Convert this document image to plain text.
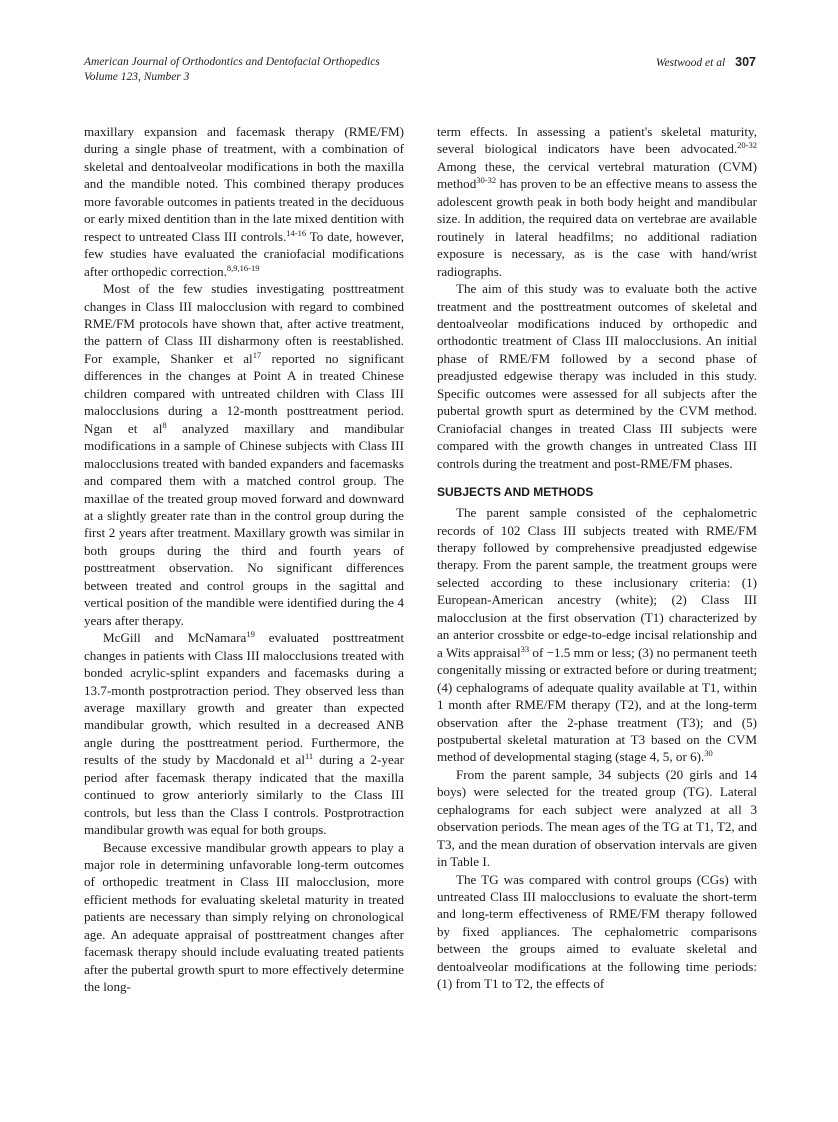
American Journal of Orthodontics and Dentofacial Orthopedics
Volume 123, Number 3
Westwood et al 307

maxillary expansion and facemask therapy (RME/FM) during a single phase of treatment, with a combination of skeletal and dentoalveolar modifications in both the maxilla and the mandible noted. This combined therapy produces more favorable outcomes in patients treated in the deciduous or early mixed dentition than in the late mixed dentition with respect to untreated Class III controls.$^{14-16}$ To date, however, few studies have evaluated the craniofacial modifications after orthopedic correction.$^{8,9,16-19}$

Most of the few studies investigating posttreatment changes in Class III malocclusion with regard to combined RME/FM protocols have shown that, after active treatment, the pattern of Class III disharmony often is reestablished. For example, Shanker et $al^{17}$ reported no significant differences in the changes at Point A in treated Chinese children compared with untreated children with Class III malocclusions during a 12-month posttreatment period. Ngan et $al^8$ analyzed maxillary and mandibular modifications in a sample of Chinese subjects with Class III malocclusions treated with banded expanders and facemasks and compared them with a matched control group. The maxillae of the treated group moved forward and downward at a slightly greater rate than in the control group during the first 2 years after treatment. Maxillary growth was similar in both groups during the third and fourth years of posttreatment observation. No significant differences between treated and control groups in the sagittal and vertical position of the mandible were identified during the 4 years after therapy.

McGill and McNamara$^{19}$ evaluated posttreatment changes in patients with Class III malocclusions treated with bonded acrylic-splint expanders and facemasks during a 13.7-month postprotraction period. They observed less than average maxillary growth and greater than expected mandibular growth, which resulted in a decreased ANB angle during the posttreatment period. Furthermore, the results of the study by Macdonald et $al^{11}$ during a 2-year period after facemask therapy indicated that the maxilla continued to grow anteriorly similarly to the Class III controls, but less than the Class I controls. Postprotraction mandibular growth was equal for both groups.

Because excessive mandibular growth appears to play a major role in determining unfavorable long-term outcomes of orthopedic treatment in Class III malocclusion, more efficient methods for evaluating skeletal maturity in treated patients are necessary than simply relying on chronological age. An adequate appraisal of posttreatment changes after facemask therapy should include evaluating treated patients after the pubertal growth spurt to more effectively determine the long-

term effects. In assessing a patient's skeletal maturity, several biological indicators have been advocated.$^{20-32}$ Among these, the cervical vertebral maturation (CVM) method$^{30-32}$ has proven to be an effective means to assess the adolescent growth peak in both body height and mandibular size. In addition, the required data on vertebrae are available routinely in lateral headfilms; no additional radiation exposure is necessary, as is the case with hand/wrist radiographs.

The aim of this study was to evaluate both the active treatment and the posttreatment outcomes of skeletal and dentoalveolar modifications induced by orthopedic and orthodontic treatment of Class III malocclusions. An initial phase of RME/FM followed by a second phase of preadjusted edgewise therapy was included in this study. Specific outcomes were assessed for all subjects after the pubertal growth spurt as determined by the CVM method. Craniofacial changes in treated Class III subjects were compared with the growth changes in untreated Class III controls during the treatment and post-RME/FM phases.

SUBJECTS AND METHODS

The parent sample consisted of the cephalometric records of 102 Class III subjects treated with RME/FM therapy followed by comprehensive preadjusted edgewise therapy. From the parent sample, the treatment groups were selected according to these inclusionary criteria: (1) European-American ancestry (white); (2) Class III malocclusion at the first observation (T1) characterized by an anterior crossbite or edge-to-edge incisal relationship and a Wits appraisal$^{33}$ of −1.5 mm or less; (3) no permanent teeth congenitally missing or extracted before or during treatment; (4) cephalograms of adequate quality available at T1, within 1 month after RME/FM therapy (T2), and at the long-term observation after the 2-phase treatment (T3); and (5) postpubertal skeletal maturation at T3 based on the CVM method of developmental staging (stage 4, 5, or 6).$^{30}$

From the parent sample, 34 subjects (20 girls and 14 boys) were selected for the treated group (TG). Lateral cephalograms for each subject were analyzed at all 3 observation periods. The mean ages of the TG at T1, T2, and T3, and the mean duration of observation intervals are given in Table I.

The TG was compared with control groups (CGs) with untreated Class III malocclusions to evaluate the short-term and long-term effectiveness of RME/FM therapy followed by fixed appliances. The cephalometric comparisons between the groups aimed to evaluate skeletal and dentoalveolar modifications at the following time periods: (1) from T1 to T2, the effects of
